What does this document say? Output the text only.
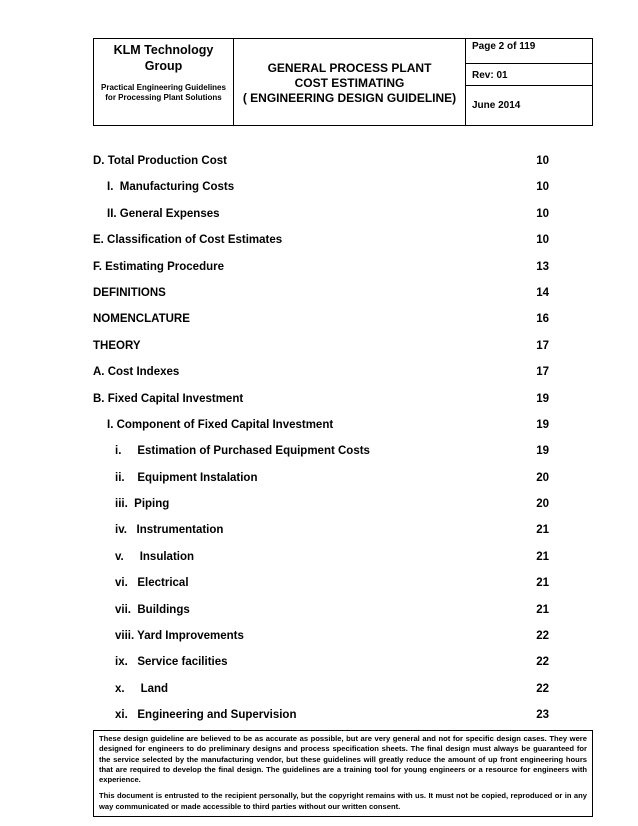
KLM Technology
Group
Practical Engineering Guidelines for Processing Plant Solutions
GENERAL PROCESS PLANT
COST ESTIMATING
( ENGINEERING DESIGN GUIDELINE)
Page 2 of 119
Rev: 01
June 2014
D. Total Production Cost	10
I.  Manufacturing Costs	10
II. General Expenses	10
E. Classification of Cost Estimates	10
F. Estimating Procedure	13
DEFINITIONS	14
NOMENCLATURE	16
THEORY	17
A. Cost Indexes	17
B. Fixed Capital Investment	19
I. Component of Fixed Capital Investment	19
i.     Estimation of Purchased Equipment Costs	19
ii.    Equipment Instalation	20
iii.  Piping	20
iv.   Instrumentation	21
v.     Insulation	21
vi.   Electrical	21
vii.  Buildings	21
viii. Yard Improvements	22
ix.   Service facilities	22
x.     Land	22
xi.   Engineering and Supervision	23

These design guideline are believed to be as accurate as possible, but are very general and not for specific design cases. They were designed for engineers to do preliminary designs and process specification sheets. The final design must always be guaranteed for the service selected by the manufacturing vendor, but these guidelines will greatly reduce the amount of up front engineering hours that are required to develop the final design. The guidelines are a training tool for young engineers or a resource for engineers with experience.

This document is entrusted to the recipient personally, but the copyright remains with us. It must not be copied, reproduced or in any way communicated or made accessible to third parties without our written consent.
